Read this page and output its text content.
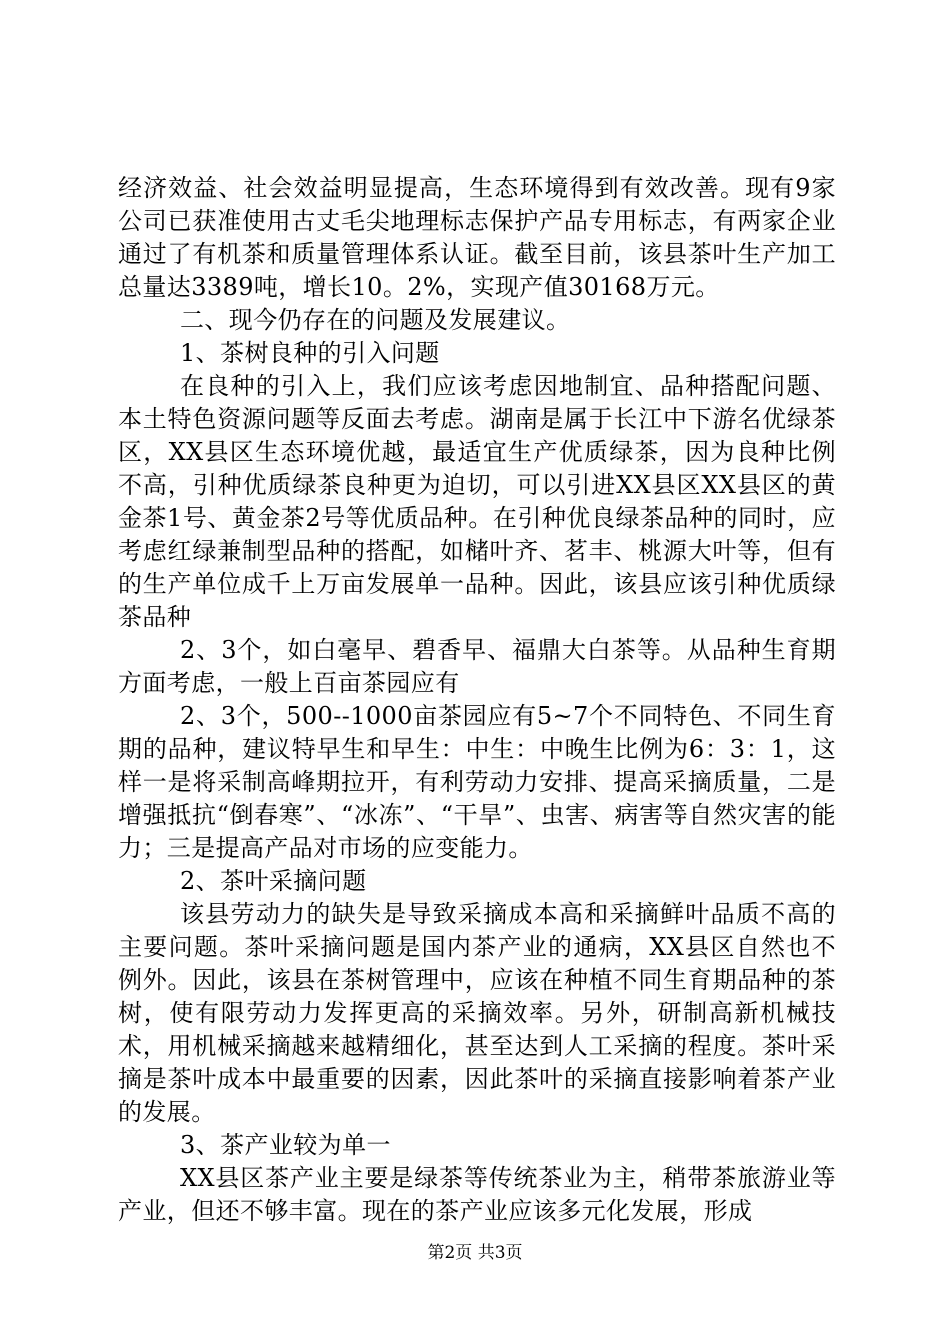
经济效益、社会效益明显提高，生态环境得到有效改善。现有9家公司已获准使用古丈毛尖地理标志保护产品专用标志，有两家企业通过了有机茶和质量管理体系认证。截至目前，该县茶叶生产加工总量达3389吨，增长10。2%，实现产值30168万元。

二、现今仍存在的问题及发展建议。

1、茶树良种的引入问题

在良种的引入上，我们应该考虑因地制宜、品种搭配问题、本土特色资源问题等反面去考虑。湖南是属于长江中下游名优绿茶区，XX县区生态环境优越，最适宜生产优质绿茶，因为良种比例不高，引种优质绿茶良种更为迫切，可以引进XX县区XX县区的黄金茶1号、黄金茶2号等优质品种。在引种优良绿茶品种的同时，应考虑红绿兼制型品种的搭配，如槠叶齐、茗丰、桃源大叶等，但有的生产单位成千上万亩发展单一品种。因此，该县应该引种优质绿茶品种

2、3个，如白毫早、碧香早、福鼎大白茶等。从品种生育期方面考虑，一般上百亩茶园应有

2、3个，500--1000亩茶园应有5~7个不同特色、不同生育期的品种，建议特早生和早生：中生：中晚生比例为6：3：1，这样一是将采制高峰期拉开，有利劳动力安排、提高采摘质量，二是增强抵抗“倒春寒”、“冰冻”、“干旱”、虫害、病害等自然灾害的能力；三是提高产品对市场的应变能力。

2、茶叶采摘问题

该县劳动力的缺失是导致采摘成本高和采摘鲜叶品质不高的主要问题。茶叶采摘问题是国内茶产业的通病，XX县区自然也不例外。因此，该县在茶树管理中，应该在种植不同生育期品种的茶树，使有限劳动力发挥更高的采摘效率。另外，研制高新机械技术，用机械采摘越来越精细化，甚至达到人工采摘的程度。茶叶采摘是茶叶成本中最重要的因素，因此茶叶的采摘直接影响着茶产业的发展。

3、茶产业较为单一

XX县区茶产业主要是绿茶等传统茶业为主，稍带茶旅游业等产业，但还不够丰富。现在的茶产业应该多元化发展，形成

第2页 共3页
